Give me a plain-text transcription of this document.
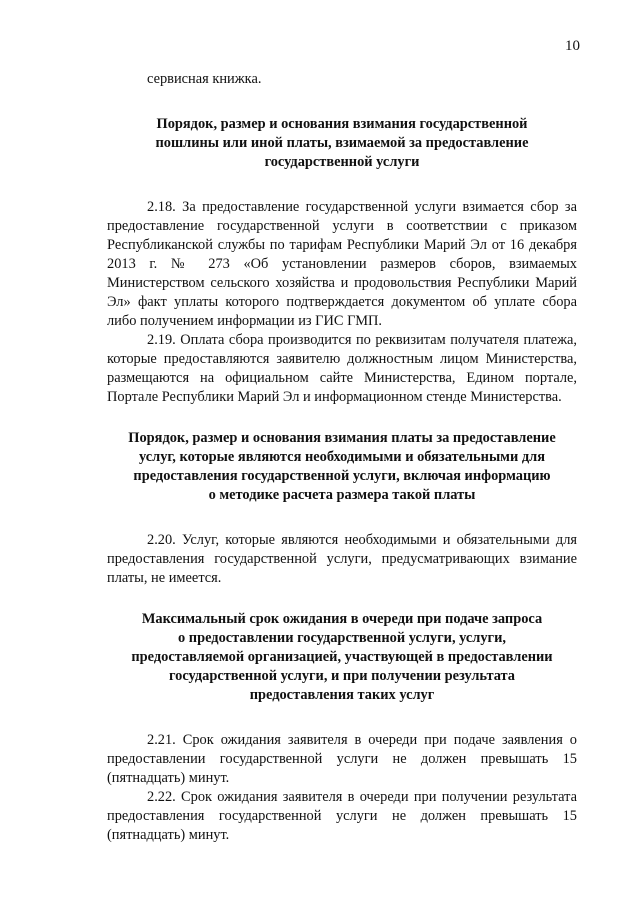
10

сервисная книжка.

Порядок, размер и основания взимания государственной
пошлины или иной платы, взимаемой за предоставление
государственной услуги

2.18. За предоставление государственной услуги взимается сбор за предоставление государственной услуги в соответствии с приказом Республиканской службы по тарифам Республики Марий Эл от 16 декабря 2013 г. № 273 «Об установлении размеров сборов, взимаемых Министерством сельского хозяйства и продовольствия Республики Марий Эл» факт уплаты которого подтверждается документом об уплате сбора либо получением информации из ГИС ГМП.

2.19. Оплата сбора производится по реквизитам получателя платежа, которые предоставляются заявителю должностным лицом Министерства, размещаются на официальном сайте Министерства, Едином портале, Портале Республики Марий Эл и информационном стенде Министерства.

Порядок, размер и основания взимания платы за предоставление
услуг, которые являются необходимыми и обязательными для
предоставления государственной услуги, включая информацию
о методике расчета размера такой платы

2.20. Услуг, которые являются необходимыми и обязательными для предоставления государственной услуги, предусматривающих взимание платы, не имеется.

Максимальный срок ожидания в очереди при подаче запроса
о предоставлении государственной услуги, услуги,
предоставляемой организацией, участвующей в предоставлении
государственной услуги, и при получении результата
предоставления таких услуг

2.21. Срок ожидания заявителя в очереди при подаче заявления о предоставлении государственной услуги не должен превышать 15 (пятнадцать) минут.

2.22. Срок ожидания заявителя в очереди при получении результата предоставления государственной услуги не должен превышать 15 (пятнадцать) минут.
